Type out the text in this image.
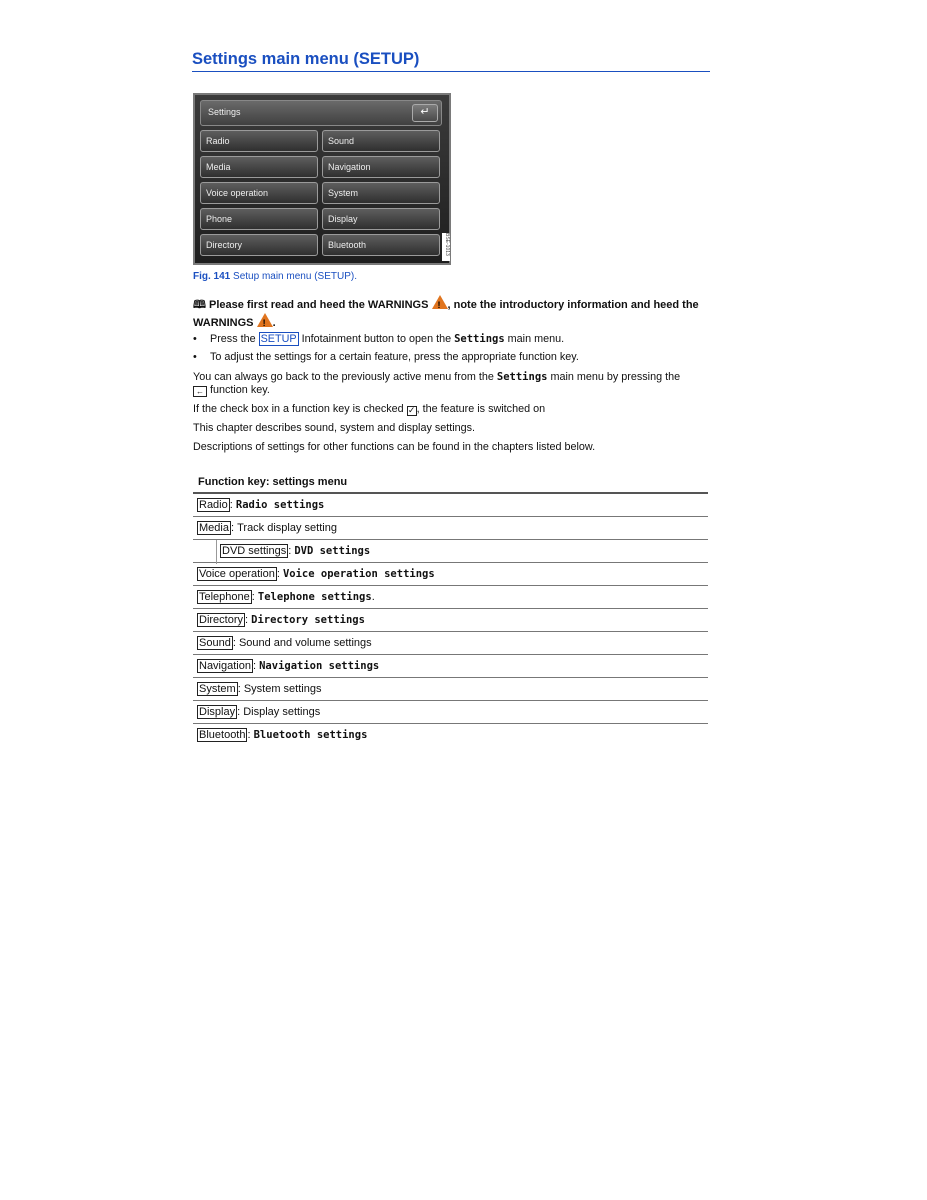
Settings main menu (SETUP)
Settings	↵
Radio	Sound
Media	Navigation
Voice operation	System
Phone	Display
Directory	Bluetooth	BSE-1013
Fig. 141 Setup main menu (SETUP).
🕮 Please first read and heed the WARNINGS ! , note the introductory information and heed the WARNINGS ! .
• Press the SETUP Infotainment button to open the Settings main menu.
• To adjust the settings for a certain feature, press the appropriate function key.
You can always go back to the previously active menu from the Settings main menu by pressing the
← function key.
If the check box in a function key is checked ✓, the feature is switched on
This chapter describes sound, system and display settings.
Descriptions of settings for other functions can be found in the chapters listed below.
Function key: settings menu
Radio : Radio settings
Media : Track display setting
DVD settings : DVD settings
Voice operation : Voice operation settings
Telephone : Telephone settings.
Directory : Directory settings
Sound : Sound and volume settings
Navigation : Navigation settings
System : System settings
Display : Display settings
Bluetooth : Bluetooth settings
